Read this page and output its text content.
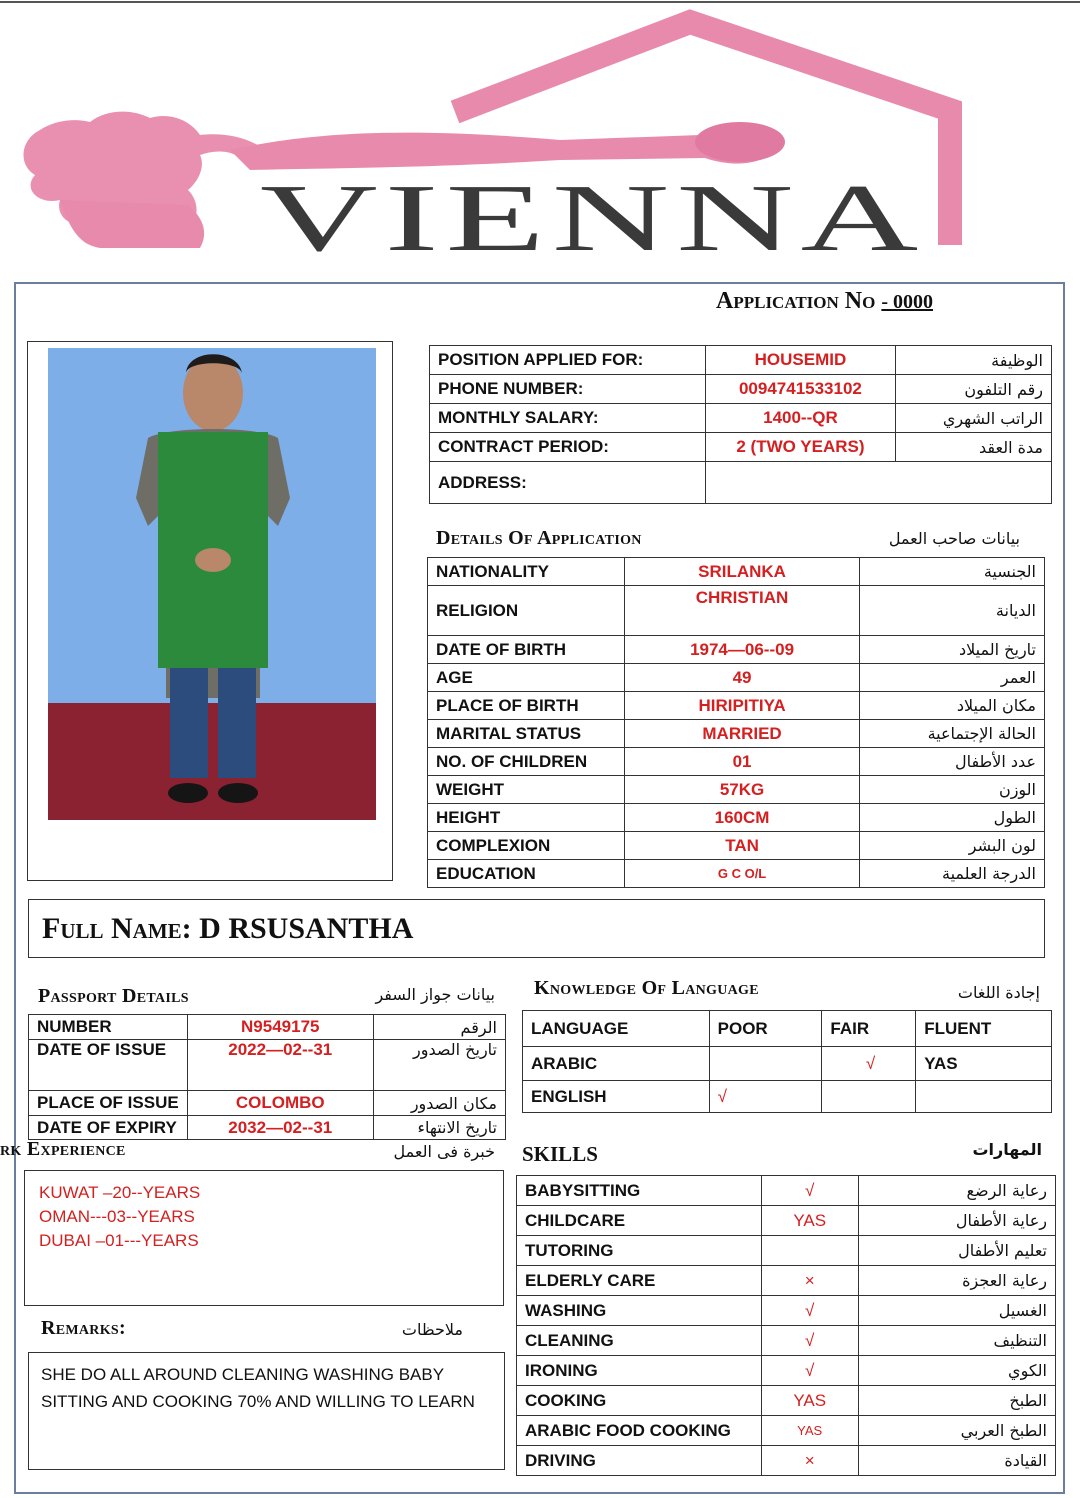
VIENNA
Application No - 0000
POSITION APPLIED FOR:	HOUSEMID	الوظيفة
PHONE NUMBER:	0094741533102	رقم التلفون
MONTHLY SALARY:	1400--QR	الراتب الشهري
CONTRACT PERIOD:	2 (TWO YEARS)	مدة العقد
ADDRESS:		
Details Of Application	بيانات صاحب العمل
NATIONALITY	SRILANKA	الجنسية
RELIGION	CHRISTIAN	الديانة
DATE OF BIRTH	1974—06--09	تاريخ الميلاد
AGE	49	العمر
PLACE OF BIRTH	HIRIPITIYA	مكان الميلاد
MARITAL STATUS	MARRIED	الحالة الإجتماعية
NO. OF CHILDREN	01	عدد الأطفال
WEIGHT	57KG	الوزن
HEIGHT	160CM	الطول
COMPLEXION	TAN	لون البشر
EDUCATION	G C O/L	الدرجة العلمية
Full Name: D RSUSANTHA
Passport Details	بيانات جواز السفر
NUMBER	N9549175	الرقم
DATE OF ISSUE	2022—02--31	تاريخ الصدور
PLACE OF ISSUE	COLOMBO	مكان الصدور
DATE OF EXPIRY	2032—02--31	تاريخ الانتهاء
Knowledge Of Language	إجادة اللغات
LANGUAGE	POOR	FAIR	FLUENT
ARABIC		√	YAS
ENGLISH	√		
rk Experience	خبرة فى العمل
KUWAT –20--YEARS
OMAN---03--YEARS
DUBAI –01---YEARS
Remarks:	ملاحظات
SHE DO ALL AROUND CLEANING WASHING BABY
SITTING AND COOKING 70% AND WILLING TO LEARN
SKILLS	المهارات
BABYSITTING	√	رعاية الرضع
CHILDCARE	YAS	رعاية الأطفال
TUTORING		تعليم الأطفال
ELDERLY CARE	×	رعاية العجزة
WASHING	√	الغسيل
CLEANING	√	التنظيف
IRONING	√	الكوي
COOKING	YAS	الطبخ
ARABIC FOOD COOKING	YAS	الطبخ العربي
DRIVING	×	القيادة
